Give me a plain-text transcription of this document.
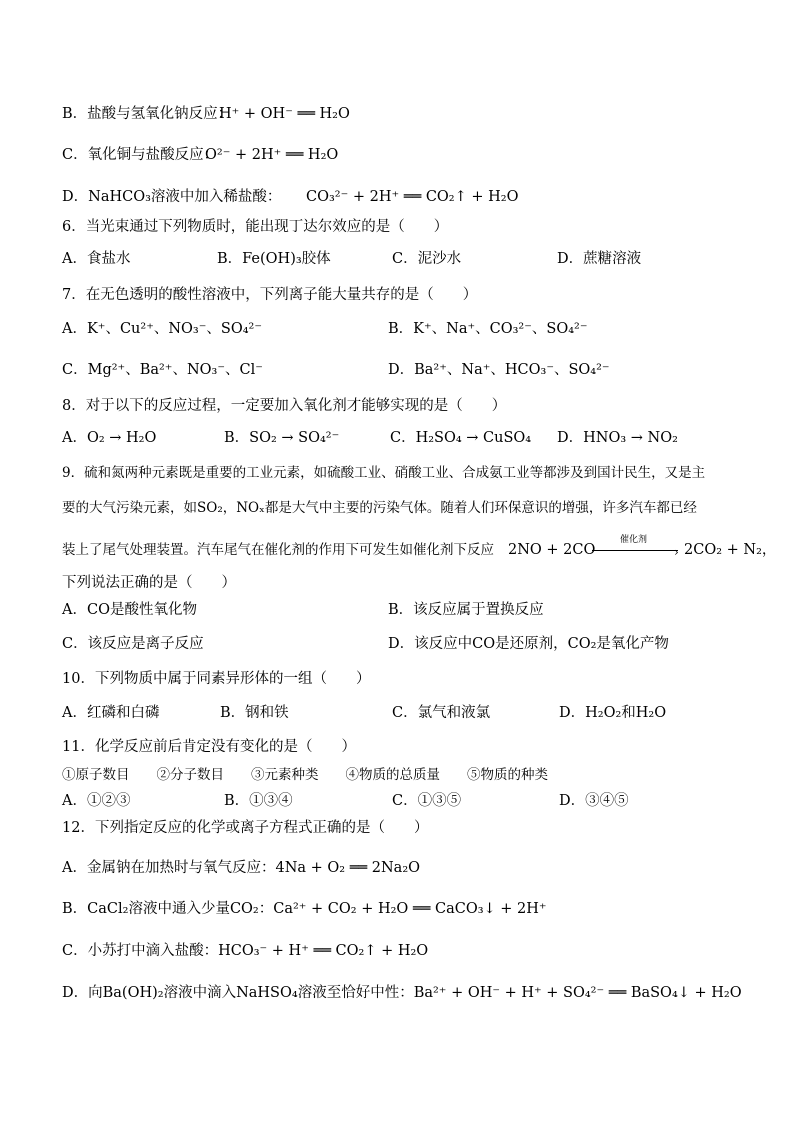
B．盐酸与氢氧化钠反应：
H⁺ + OH⁻ ══ H₂O
C．氧化铜与盐酸反应：
O²⁻ + 2H⁺ ══ H₂O
D．NaHCO₃溶液中加入稀盐酸： CO₃²⁻ + 2H⁺ ══ CO₂↑ + H₂O
6．当光束通过下列物质时，能出现丁达尔效应的是（　　）
A．食盐水	B．Fe(OH)₃胶体	C．泥沙水	D．蔗糖溶液
7．在无色透明的酸性溶液中，下列离子能大量共存的是（　　）
A．K⁺、Cu²⁺、NO₃⁻、SO₄²⁻	B．K⁺、Na⁺、CO₃²⁻、SO₄²⁻
C．Mg²⁺、Ba²⁺、NO₃⁻、Cl⁻	D．Ba²⁺、Na⁺、HCO₃⁻、SO₄²⁻
8．对于以下的反应过程，一定要加入氧化剂才能够实现的是（　　）
A．O₂ → H₂O	B．SO₂ → SO₄²⁻	C．H₂SO₄ → CuSO₄ D．HNO₃ → NO₂
9．硫和氮两种元素既是重要的工业元素，如硫酸工业、硝酸工业、合成氨工业等都涉及到国计民生，又是主
要的大气污染元素，如SO₂，NOₓ都是大气中主要的污染气体。随着人们环保意识的增强，许多汽车都已经
装上了尾气处理装置。汽车尾气在催化剂的作用下可发生如催化剂下反应 2NO + 2CO
催化剂
› 2CO₂ + N₂，
下列说法正确的是（　　）
A．CO是酸性氧化物	B．该反应属于置换反应
C．该反应是离子反应	D．该反应中CO是还原剂，CO₂是氧化产物
10．下列物质中属于同素异形体的一组（　　）
A．红磷和白磷	B．钢和铁	C．氯气和液氯	D．H₂O₂和H₂O
11．化学反应前后肯定没有变化的是（　　）
①原子数目　　②分子数目　　③元素种类　　④物质的总质量　　⑤物质的种类
A．①②③	B．①③④	C．①③⑤	D．③④⑤
12．下列指定反应的化学或离子方程式正确的是（　　）
A．金属钠在加热时与氧气反应：4Na + O₂ ══ 2Na₂O
B．CaCl₂溶液中通入少量CO₂：Ca²⁺ + CO₂ + H₂O ══ CaCO₃↓ + 2H⁺
C．小苏打中滴入盐酸：HCO₃⁻ + H⁺ ══ CO₂↑ + H₂O
D．向Ba(OH)₂溶液中滴入NaHSO₄溶液至恰好中性：Ba²⁺ + OH⁻ + H⁺ + SO₄²⁻ ══ BaSO₄↓ + H₂O
